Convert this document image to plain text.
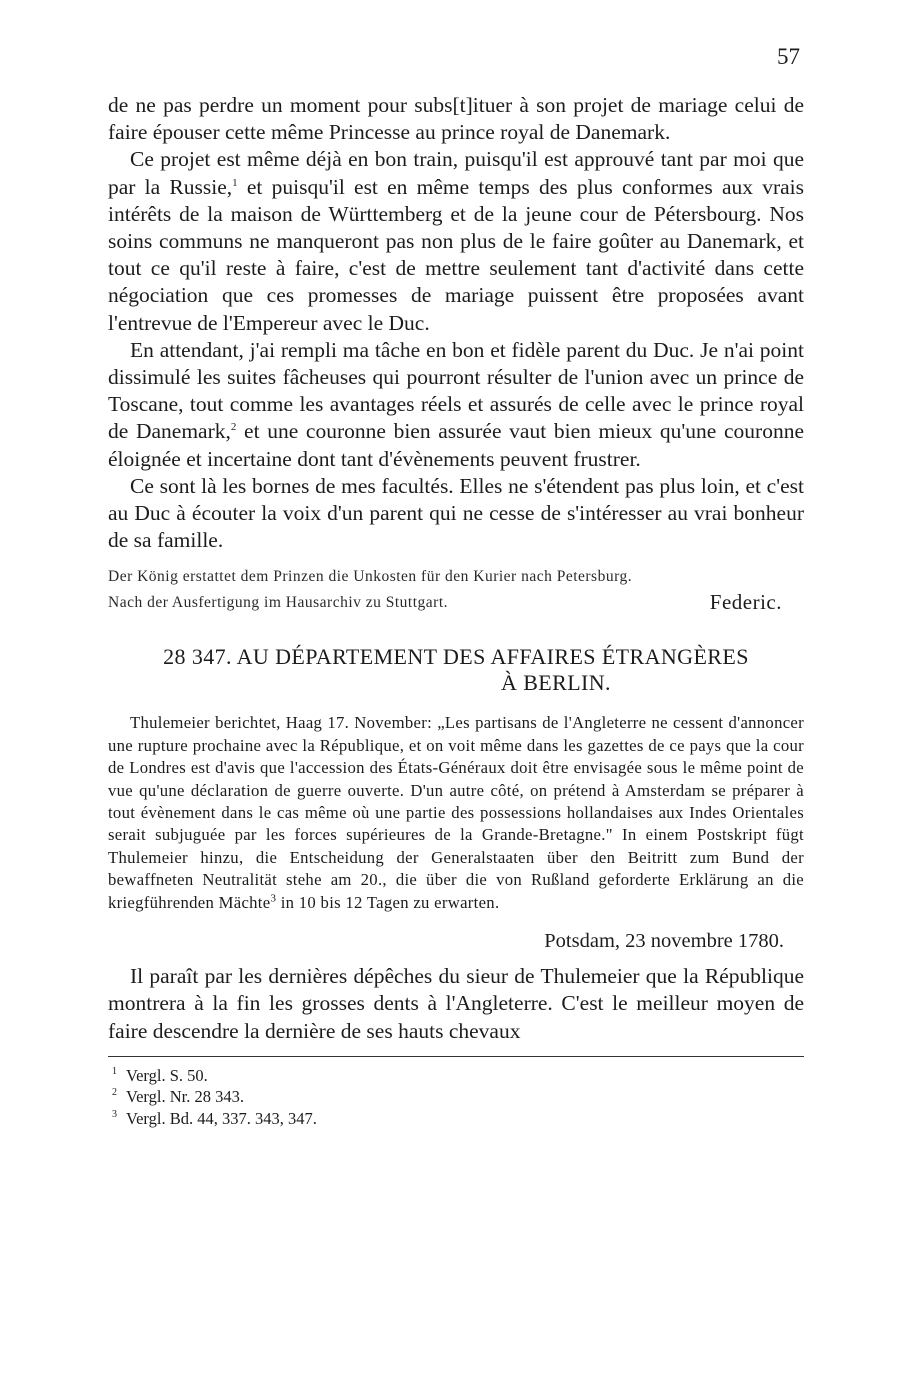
57

de ne pas perdre un moment pour subs[t]ituer à son projet de mariage celui de faire épouser cette même Princesse au prince royal de Danemark.

Ce projet est même déjà en bon train, puisqu'il est approuvé tant par moi que par la Russie,$^1$ et puisqu'il est en même temps des plus conformes aux vrais intérêts de la maison de Württemberg et de la jeune cour de Pétersbourg. Nos soins communs ne manqueront pas non plus de le faire goûter au Danemark, et tout ce qu'il reste à faire, c'est de mettre seulement tant d'activité dans cette négociation que ces promesses de mariage puissent être proposées avant l'entrevue de l'Empereur avec le Duc.

En attendant, j'ai rempli ma tâche en bon et fidèle parent du Duc. Je n'ai point dissimulé les suites fâcheuses qui pourront résulter de l'union avec un prince de Toscane, tout comme les avantages réels et assurés de celle avec le prince royal de Danemark,$^2$ et une couronne bien assurée vaut bien mieux qu'une couronne éloignée et incertaine dont tant d'évènements peuvent frustrer.

Ce sont là les bornes de mes facultés. Elles ne s'étendent pas plus loin, et c'est au Duc à écouter la voix d'un parent qui ne cesse de s'intéresser au vrai bonheur de sa famille.

Der König erstattet dem Prinzen die Unkosten für den Kurier nach Petersburg.

Federic.

Nach der Ausfertigung im Hausarchiv zu Stuttgart.

28 347. AU DÉPARTEMENT DES AFFAIRES ÉTRANGÈRES
À BERLIN.

Thulemeier berichtet, Haag 17. November: „Les partisans de l'Angleterre ne cessent d'annoncer une rupture prochaine avec la République, et on voit même dans les gazettes de ce pays que la cour de Londres est d'avis que l'accession des États-Généraux doit être envisagée sous le même point de vue qu'une déclaration de guerre ouverte. D'un autre côté, on prétend à Amsterdam se préparer à tout évènement dans le cas même où une partie des possessions hollandaises aux Indes Orientales serait subjuguée par les forces supérieures de la Grande-Bretagne." In einem Postskript fügt Thulemeier hinzu, die Entscheidung der Generalstaaten über den Beitritt zum Bund der bewaffneten Neutralität stehe am 20., die über die von Rußland geforderte Erklärung an die kriegführenden Mächte$^3$ in 10 bis 12 Tagen zu erwarten.

Potsdam, 23 novembre 1780.

Il paraît par les dernières dépêches du sieur de Thulemeier que la République montrera à la fin les grosses dents à l'Angleterre. C'est le meilleur moyen de faire descendre la dernière de ses hauts chevaux

1 Vergl. S. 50.
2 Vergl. Nr. 28 343.
3 Vergl. Bd. 44, 337. 343, 347.
